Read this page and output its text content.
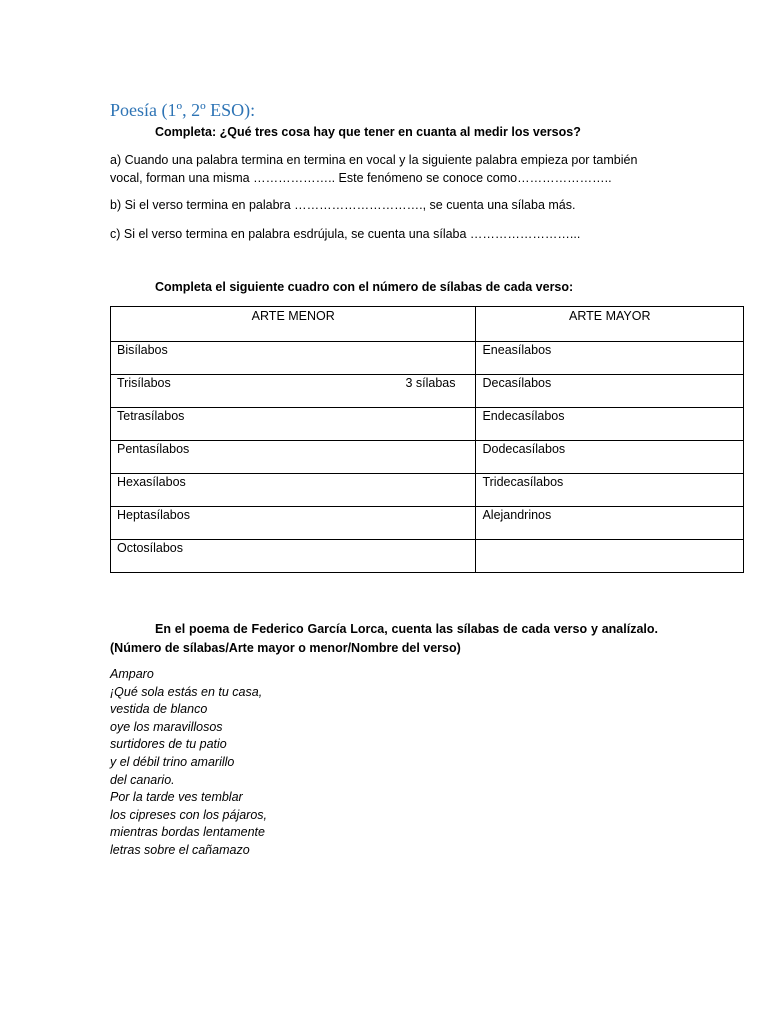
Poesía (1º, 2º ESO):

Completa: ¿Qué tres cosa hay que tener en cuanta al medir los versos?

a) Cuando una palabra termina en termina en vocal y la siguiente palabra empieza por también
vocal, forman una misma ……………….. Este fenómeno se conoce como…………………..

b) Si el verso termina en palabra …………………………., se cuenta una sílaba más.

c) Si el verso termina en palabra esdrújula, se cuenta una sílaba ……………………...

Completa el siguiente cuadro con el número de sílabas de cada verso:

ARTE MENOR	ARTE MAYOR

Bisílabos	Eneasílabos

Trisílabos 3 sílabas	Decasílabos

Tetrasílabos	Endecasílabos

Pentasílabos	Dodecasílabos

Hexasílabos	Tridecasílabos

Heptasílabos	Alejandrinos

Octosílabos	

En el poema de Federico García Lorca, cuenta las sílabas de cada verso y analízalo.
(Número de sílabas/Arte mayor o menor/Nombre del verso)

Amparo
¡Qué sola estás en tu casa,
vestida de blanco
oye los maravillosos
surtidores de tu patio
y el débil trino amarillo
del canario.
Por la tarde ves temblar
los cipreses con los pájaros,
mientras bordas lentamente
letras sobre el cañamazo
